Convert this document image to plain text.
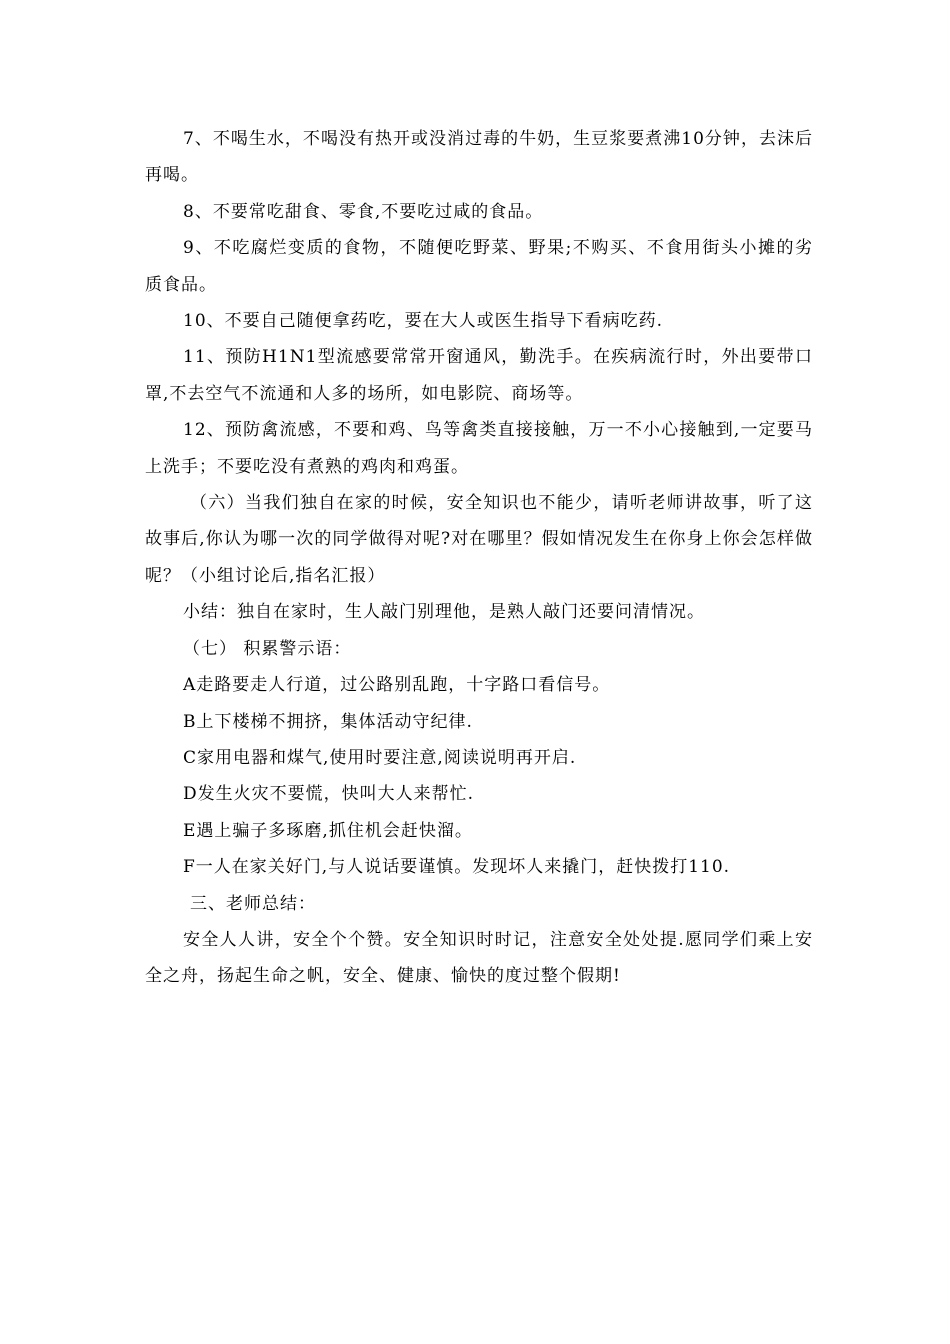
7、不喝生水，不喝没有热开或没消过毒的牛奶，生豆浆要煮沸10分钟，去沫后再喝。

8、不要常吃甜食、零食,不要吃过咸的食品。

9、不吃腐烂变质的食物，不随便吃野菜、野果;不购买、不食用街头小摊的劣质食品。

10、不要自己随便拿药吃，要在大人或医生指导下看病吃药.

11、预防H1N1型流感要常常开窗通风，勤洗手。在疾病流行时，外出要带口罩,不去空气不流通和人多的场所，如电影院、商场等。

12、预防禽流感，不要和鸡、鸟等禽类直接接触，万一不小心接触到,一定要马上洗手；不要吃没有煮熟的鸡肉和鸡蛋。

（六）当我们独自在家的时候，安全知识也不能少，请听老师讲故事，听了这故事后,你认为哪一次的同学做得对呢?对在哪里？假如情况发生在你身上你会怎样做呢？（小组讨论后,指名汇报）

小结：独自在家时，生人敲门别理他，是熟人敲门还要问清情况。

（七） 积累警示语：

A走路要走人行道，过公路别乱跑，十字路口看信号。

B上下楼梯不拥挤，集体活动守纪律.

C家用电器和煤气,使用时要注意,阅读说明再开启.

D发生火灾不要慌，快叫大人来帮忙.

E遇上骗子多琢磨,抓住机会赶快溜。

F一人在家关好门,与人说话要谨慎。发现坏人来撬门，赶快拨打110.

三、老师总结：

安全人人讲，安全个个赞。安全知识时时记，注意安全处处提.愿同学们乘上安全之舟，扬起生命之帆，安全、健康、愉快的度过整个假期!
